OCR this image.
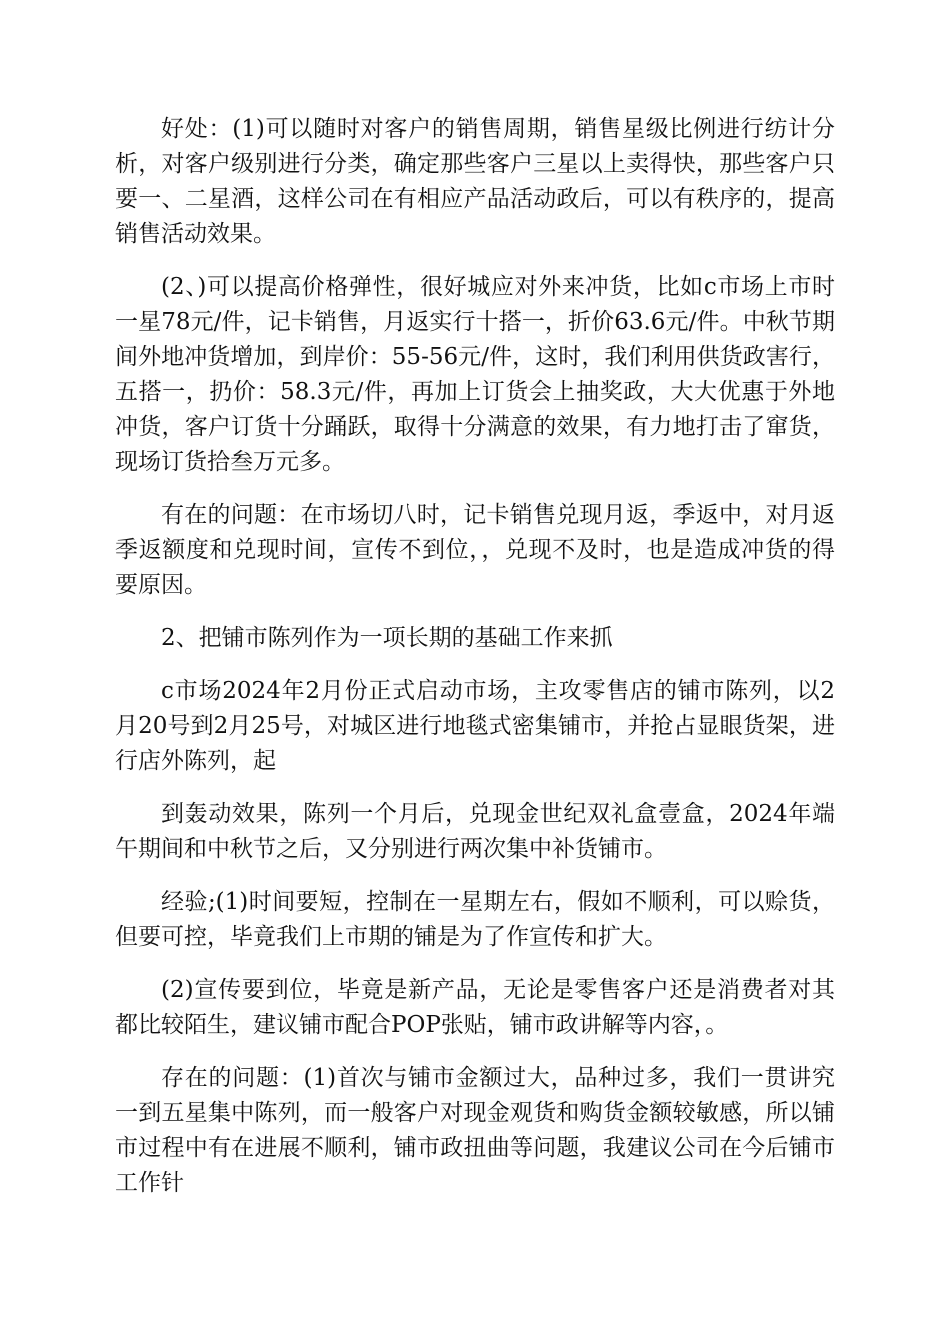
好处：(1)可以随时对客户的销售周期，销售星级比例进行纺计分析，对客户级别进行分类，确定那些客户三星以上卖得快，那些客户只要一、二星酒，这样公司在有相应产品活动政后，可以有秩序的，提高销售活动效果。

(2、)可以提高价格弹性，很好城应对外来冲货，比如c市场上市时一星78元/件，记卡销售，月返实行十搭一，折价63.6元/件。中秋节期间外地冲货增加，到岸价：55-56元/件，这时，我们利用供货政害行，五搭一，扔价：58.3元/件，再加上订货会上抽奖政，大大优惠于外地冲货，客户订货十分踊跃，取得十分满意的效果，有力地打击了窜货，现场订货拾叁万元多。

有在的问题：在市场切八时，记卡销售兑现月返，季返中，对月返季返额度和兑现时间，宣传不到位，，兑现不及时，也是造成冲货的得要原因。

2、把铺市陈列作为一项长期的基础工作来抓

c市场2024年2月份正式启动市场，主攻零售店的铺市陈列，以2月20号到2月25号，对城区进行地毯式密集铺市，并抢占显眼货架，进行店外陈列，起

到轰动效果，陈列一个月后，兑现金世纪双礼盒壹盒，2024年端午期间和中秋节之后，又分别进行两次集中补货铺市。

经验;(1)时间要短，控制在一星期左右，假如不顺利，可以赊货，但要可控，毕竟我们上市期的铺是为了作宣传和扩大。

(2)宣传要到位，毕竟是新产品，无论是零售客户还是消费者对其都比较陌生，建议铺市配合POP张贴，铺市政讲解等内容，。

存在的问题：(1)首次与铺市金额过大，品种过多，我们一贯讲究一到五星集中陈列，而一般客户对现金观货和购货金额较敏感，所以铺市过程中有在进展不顺利，铺市政扭曲等问题，我建议公司在今后铺市工作针
